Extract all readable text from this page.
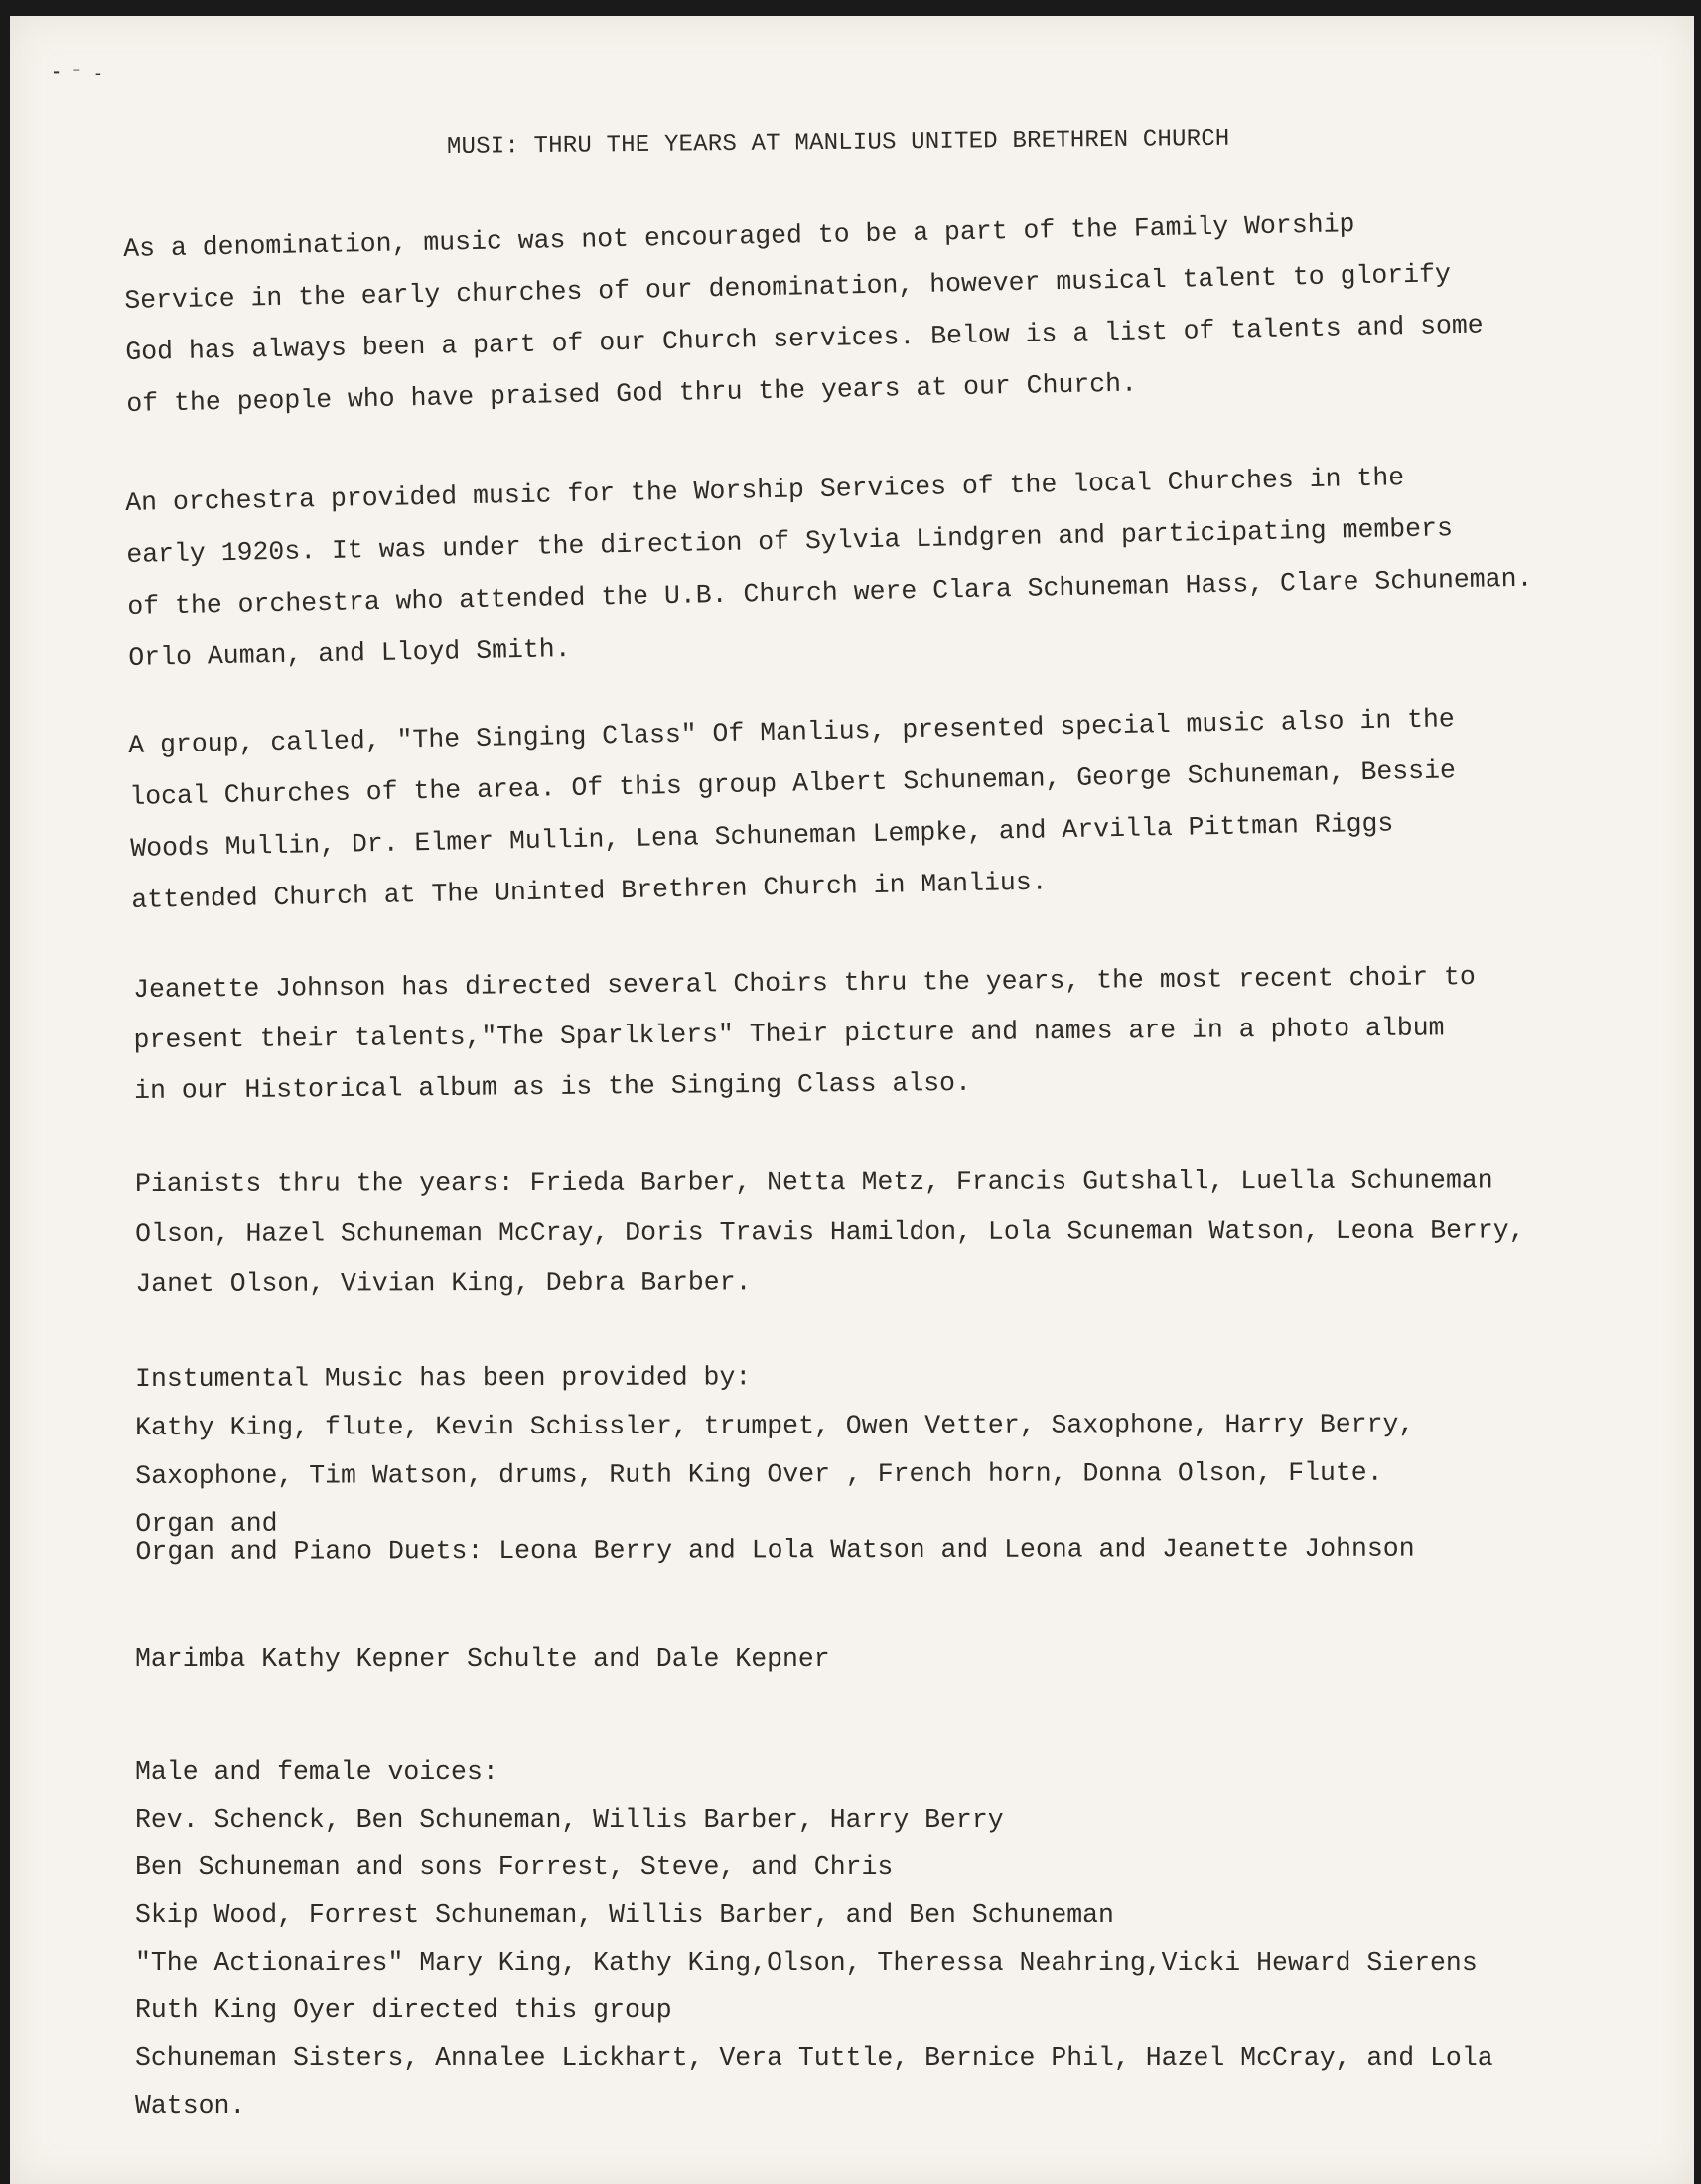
⁃ ⁻ ‐
MUSI: THRU THE YEARS AT MANLIUS UNITED BRETHREN CHURCH
As a denomination, music was not encouraged to be a part of the Family Worship
Service in the early churches of our denomination, however musical talent to glorify
God has always been a part of our Church services. Below is a list of talents and some
of the people who have praised God thru the years at our Church.
An orchestra provided music for the Worship Services of the local Churches in the
early 1920s. It was under the direction of Sylvia Lindgren and participating members
of the orchestra who attended the U.B. Church were Clara Schuneman Hass, Clare Schuneman.
Orlo Auman, and Lloyd Smith.
A group, called, "The Singing Class" Of Manlius, presented special music also in the
local Churches of the area. Of this group Albert Schuneman, George Schuneman, Bessie
Woods Mullin, Dr. Elmer Mullin, Lena Schuneman Lempke, and Arvilla Pittman Riggs
attended Church at The Uninted Brethren Church in Manlius.
Jeanette Johnson has directed several Choirs thru the years, the most recent choir to
present their talents,"The Sparlklers" Their picture and names are in a photo album
in our Historical album as is the Singing Class also.
Pianists thru the years: Frieda Barber, Netta Metz, Francis Gutshall, Luella Schuneman
Olson, Hazel Schuneman McCray, Doris Travis Hamildon, Lola Scuneman Watson, Leona Berry,
Janet Olson, Vivian King, Debra Barber.
Instumental Music has been provided by:
Kathy King, flute, Kevin Schissler, trumpet, Owen Vetter, Saxophone, Harry Berry,
Saxophone, Tim Watson, drums, Ruth King Over , French horn, Donna Olson, Flute.
Organ and
Organ and Piano Duets: Leona Berry and Lola Watson and Leona and Jeanette Johnson
Marimba Kathy Kepner Schulte and Dale Kepner
Male and female voices:
Rev. Schenck, Ben Schuneman, Willis Barber, Harry Berry
Ben Schuneman and sons Forrest, Steve, and Chris
Skip Wood, Forrest Schuneman, Willis Barber, and Ben Schuneman
"The Actionaires" Mary King, Kathy King,Olson, Theressa Neahring,Vicki Heward Sierens
Ruth King Oyer directed this group
Schuneman Sisters, Annalee Lickhart, Vera Tuttle, Bernice Phil, Hazel McCray, and Lola
Watson.
